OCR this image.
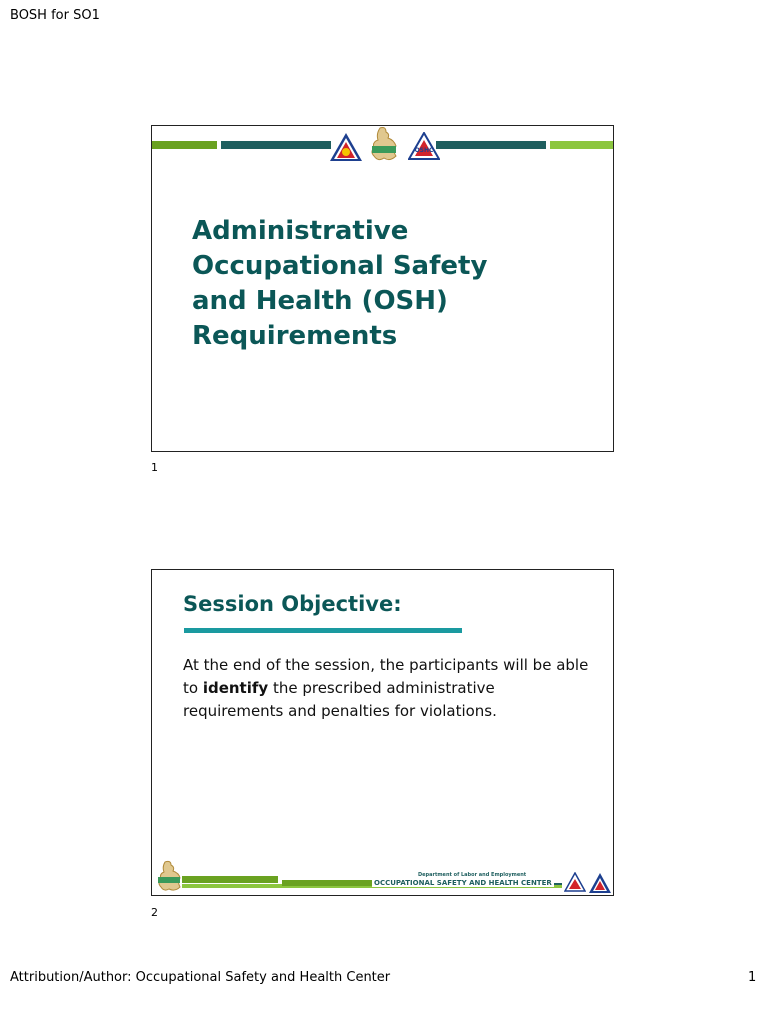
BOSH for SO1
OSHC
Administrative
Occupational Safety
and Health (OSH)
Requirements
1
Session Objective:
At the end of the session, the participants will be able to identify the prescribed administrative requirements and penalties for violations.
Department of Labor and Employment
OCCUPATIONAL SAFETY AND HEALTH CENTER
2
Attribution/Author: Occupational Safety and Health Center	1
